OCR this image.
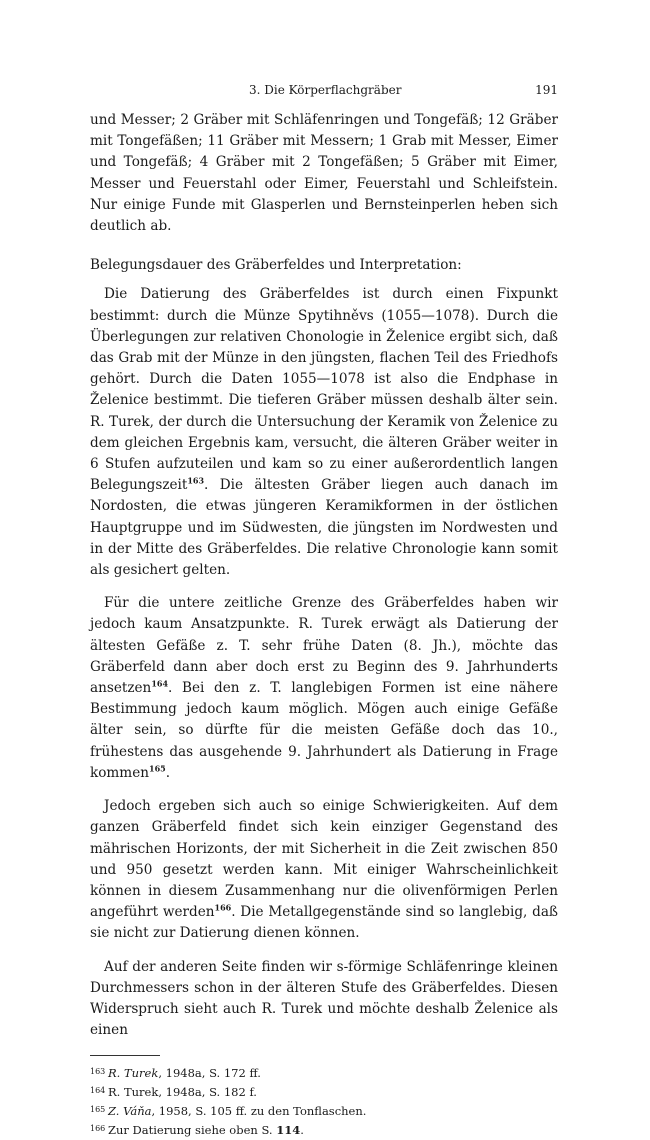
3. Die Körperflachgräber	191

und Messer; 2 Gräber mit Schläfenringen und Tongefäß; 12 Gräber mit Tongefäßen; 11 Gräber mit Messern; 1 Grab mit Messer, Eimer und Tongefäß; 4 Gräber mit 2 Tongefäßen; 5 Gräber mit Eimer, Messer und Feuerstahl oder Eimer, Feuerstahl und Schleifstein. Nur einige Funde mit Glasperlen und Bernsteinperlen heben sich deutlich ab.

Belegungsdauer des Gräberfeldes und Interpretation:

Die Datierung des Gräberfeldes ist durch einen Fixpunkt bestimmt: durch die Münze Spytihněvs (1055—1078). Durch die Überlegungen zur relativen Chonologie in Želenice ergibt sich, daß das Grab mit der Münze in den jüngsten, flachen Teil des Friedhofs gehört. Durch die Daten 1055—1078 ist also die Endphase in Želenice bestimmt. Die tieferen Gräber müssen deshalb älter sein. R. Turek, der durch die Untersuchung der Keramik von Želenice zu dem gleichen Ergebnis kam, versucht, die älteren Gräber weiter in 6 Stufen aufzuteilen und kam so zu einer außerordentlich langen Belegungszeit$^{163}$. Die ältesten Gräber liegen auch danach im Nordosten, die etwas jüngeren Keramikformen in der östlichen Hauptgruppe und im Südwesten, die jüngsten im Nordwesten und in der Mitte des Gräberfeldes. Die relative Chronologie kann somit als gesichert gelten.

Für die untere zeitliche Grenze des Gräberfeldes haben wir jedoch kaum Ansatzpunkte. R. Turek erwägt als Datierung der ältesten Gefäße z. T. sehr frühe Daten (8. Jh.), möchte das Gräberfeld dann aber doch erst zu Beginn des 9. Jahrhunderts ansetzen$^{164}$. Bei den z. T. langlebigen Formen ist eine nähere Bestimmung jedoch kaum möglich. Mögen auch einige Gefäße älter sein, so dürfte für die meisten Gefäße doch das 10., frühestens das ausgehende 9. Jahrhundert als Datierung in Frage kommen$^{165}$.

Jedoch ergeben sich auch so einige Schwierigkeiten. Auf dem ganzen Gräberfeld findet sich kein einziger Gegenstand des mährischen Horizonts, der mit Sicherheit in die Zeit zwischen 850 und 950 gesetzt werden kann. Mit einiger Wahrscheinlichkeit können in diesem Zusammenhang nur die olivenförmigen Perlen angeführt werden$^{166}$. Die Metallgegenstände sind so langlebig, daß sie nicht zur Datierung dienen können.

Auf der anderen Seite finden wir s-förmige Schläfenringe kleinen Durchmessers schon in der älteren Stufe des Gräberfeldes. Diesen Widerspruch sieht auch R. Turek und möchte deshalb Želenice als einen

163 R. Turek, 1948a, S. 172 ff.
164 R. Turek, 1948a, S. 182 f.
165 Z. Váňa, 1958, S. 105 ff. zu den Tonflaschen.
166 Zur Datierung siehe oben S. 114.
